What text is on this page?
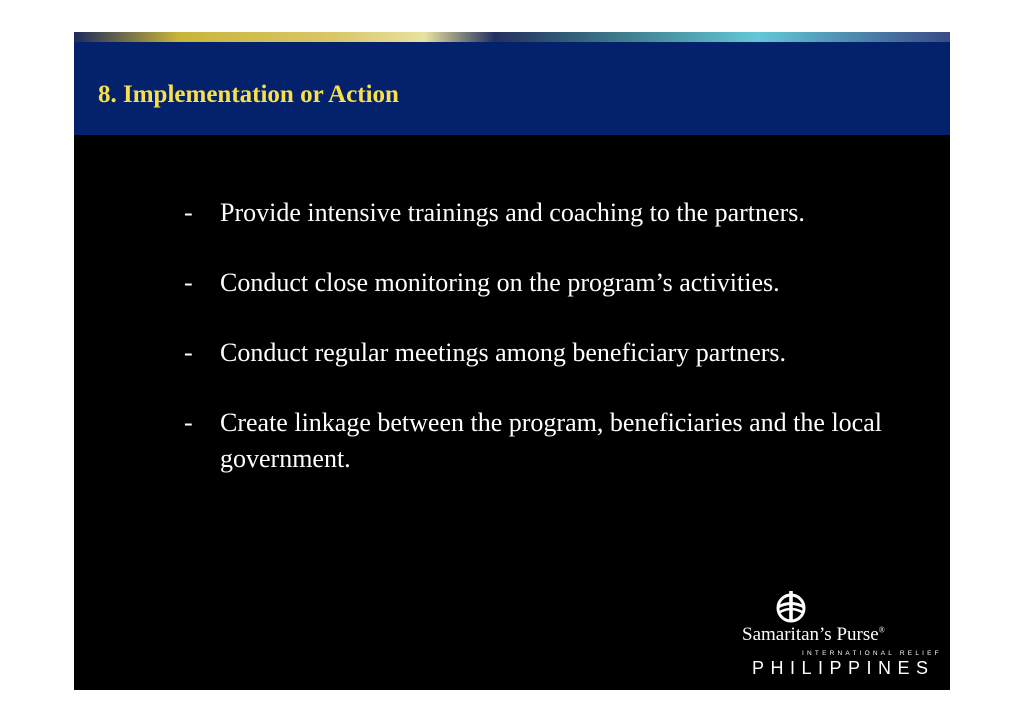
8. Implementation or Action
- Provide intensive trainings and coaching to the partners.
- Conduct close monitoring on the program’s activities.
- Conduct regular meetings among beneficiary partners.
- Create linkage between the program, beneficiaries and the local government.
Samaritan’s Purse®
INTERNATIONAL RELIEF
PHILIPPINES
